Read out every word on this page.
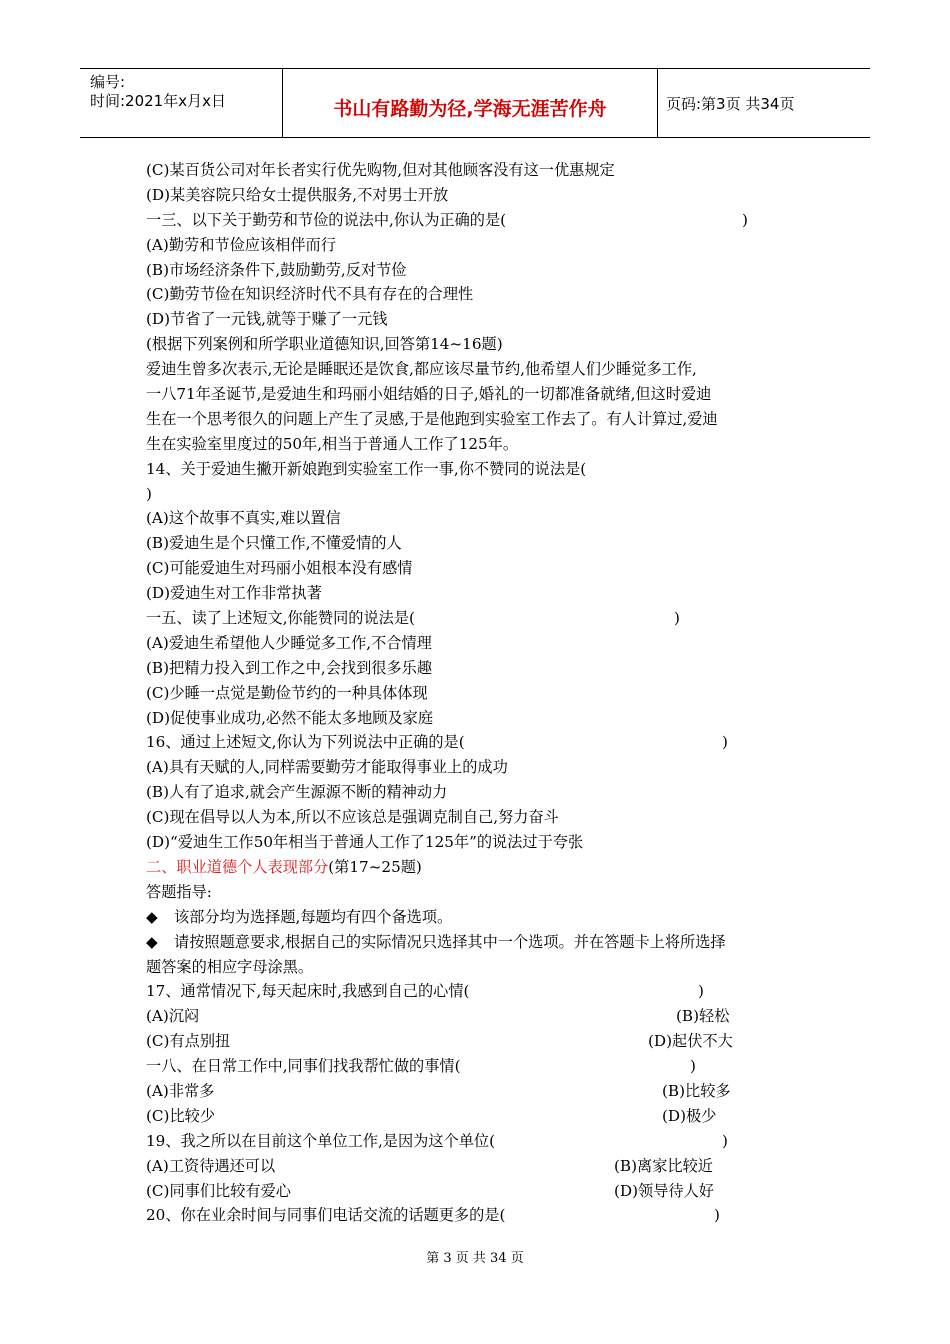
编号:
时间:2021年x月x日	书山有路勤为径,学海无涯苦作舟	页码:第3页 共34页
(C)某百货公司对年长者实行优先购物,但对其他顾客没有这一优惠规定
(D)某美容院只给女士提供服务,不对男士开放
一三、以下关于勤劳和节俭的说法中,你认为正确的是(	)
(A)勤劳和节俭应该相伴而行
(B)市场经济条件下,鼓励勤劳,反对节俭
(C)勤劳节俭在知识经济时代不具有存在的合理性
(D)节省了一元钱,就等于赚了一元钱
(根据下列案例和所学职业道德知识,回答第14~16题)
爱迪生曾多次表示,无论是睡眠还是饮食,都应该尽量节约,他希望人们少睡觉多工作,
一八71年圣诞节,是爱迪生和玛丽小姐结婚的日子,婚礼的一切都准备就绪,但这时爱迪
生在一个思考很久的问题上产生了灵感,于是他跑到实验室工作去了。有人计算过,爱迪
生在实验室里度过的50年,相当于普通人工作了125年。
14、关于爱迪生撇开新娘跑到实验室工作一事,你不赞同的说法是(
)
(A)这个故事不真实,难以置信
(B)爱迪生是个只懂工作,不懂爱情的人
(C)可能爱迪生对玛丽小姐根本没有感情
(D)爱迪生对工作非常执著
一五、读了上述短文,你能赞同的说法是(	)
(A)爱迪生希望他人少睡觉多工作,不合情理
(B)把精力投入到工作之中,会找到很多乐趣
(C)少睡一点觉是勤俭节约的一种具体体现
(D)促使事业成功,必然不能太多地顾及家庭
16、通过上述短文,你认为下列说法中正确的是(	)
(A)具有天赋的人,同样需要勤劳才能取得事业上的成功
(B)人有了追求,就会产生源源不断的精神动力
(C)现在倡导以人为本,所以不应该总是强调克制自己,努力奋斗
(D)“爱迪生工作50年相当于普通人工作了125年”的说法过于夸张
二、职业道德个人表现部分(第17~25题)
答题指导:
◆ 该部分均为选择题,每题均有四个备选项。
◆ 请按照题意要求,根据自己的实际情况只选择其中一个选项。并在答题卡上将所选择
题答案的相应字母涂黑。
17、通常情况下,每天起床时,我感到自己的心情(	)
(A)沉闷	(B)轻松
(C)有点别扭	(D)起伏不大
一八、在日常工作中,同事们找我帮忙做的事情(	)
(A)非常多	(B)比较多
(C)比较少	(D)极少
19、我之所以在目前这个单位工作,是因为这个单位(	)
(A)工资待遇还可以	(B)离家比较近
(C)同事们比较有爱心	(D)领导待人好
20、你在业余时间与同事们电话交流的话题更多的是(	)
第 3 页 共 34 页
